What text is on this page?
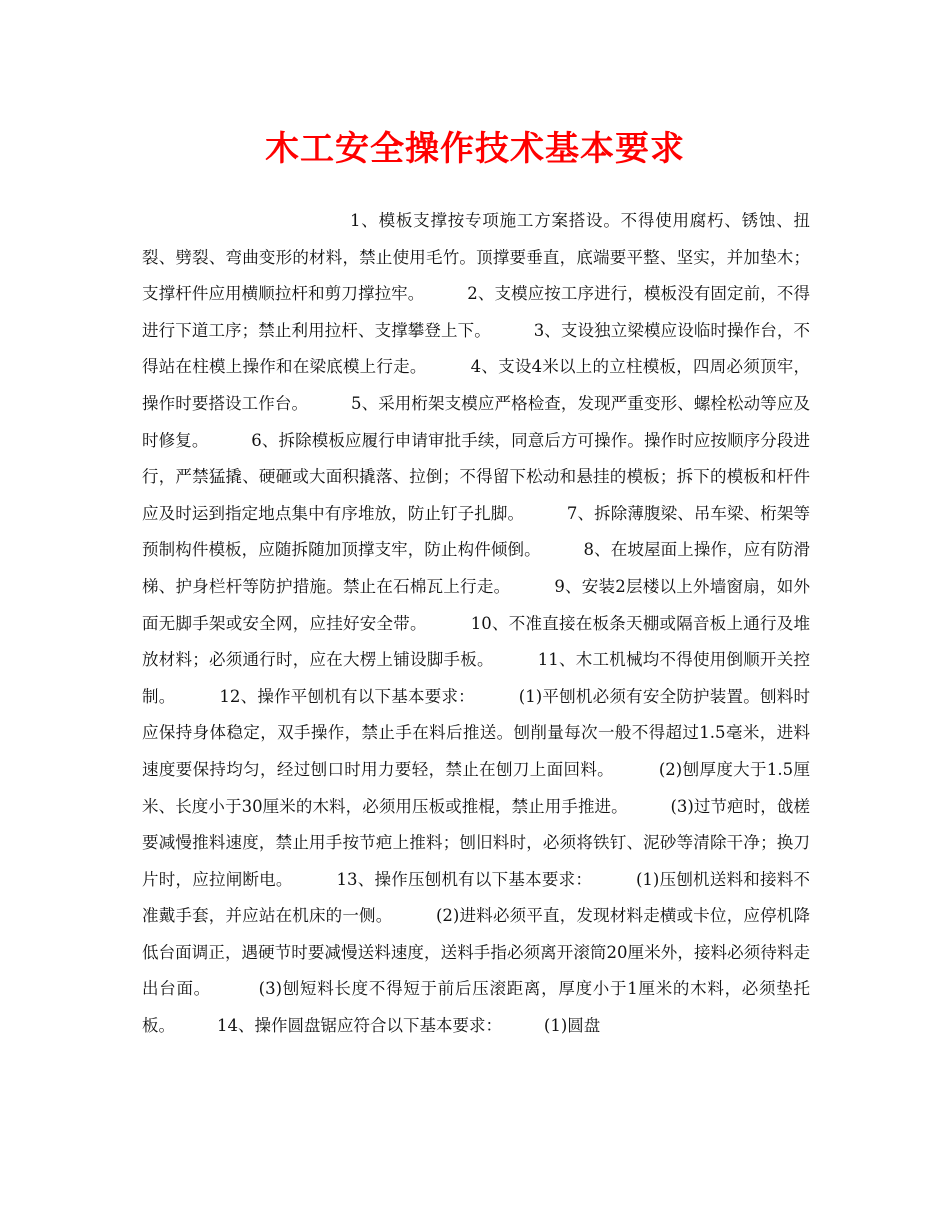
木工安全操作技术基本要求

1、模板支撑按专项施工方案搭设。不得使用腐朽、锈蚀、扭裂、劈裂、弯曲变形的材料，禁止使用毛竹。顶撑要垂直，底端要平整、坚实，并加垫木；支撑杆件应用横顺拉杆和剪刀撑拉牢。        2、支模应按工序进行，模板没有固定前，不得进行下道工序；禁止利用拉杆、支撑攀登上下。        3、支设独立梁模应设临时操作台，不得站在柱模上操作和在梁底模上行走。        4、支设4米以上的立柱模板，四周必须顶牢，操作时要搭设工作台。        5、采用桁架支模应严格检查，发现严重变形、螺栓松动等应及时修复。        6、拆除模板应履行申请审批手续，同意后方可操作。操作时应按顺序分段进行，严禁猛撬、硬砸或大面积撬落、拉倒；不得留下松动和悬挂的模板；拆下的模板和杆件应及时运到指定地点集中有序堆放，防止钉子扎脚。        7、拆除薄腹梁、吊车梁、桁架等预制构件模板，应随拆随加顶撑支牢，防止构件倾倒。        8、在坡屋面上操作，应有防滑梯、护身栏杆等防护措施。禁止在石棉瓦上行走。        9、安装2层楼以上外墙窗扇，如外面无脚手架或安全网，应挂好安全带。        10、不准直接在板条天棚或隔音板上通行及堆放材料；必须通行时，应在大楞上铺设脚手板。        11、木工机械均不得使用倒顺开关控制。        12、操作平刨机有以下基本要求：        (1)平刨机必须有安全防护装置。刨料时应保持身体稳定，双手操作，禁止手在料后推送。刨削量每次一般不得超过1.5毫米，进料速度要保持均匀，经过刨口时用力要轻，禁止在刨刀上面回料。        (2)刨厚度大于1.5厘米、长度小于30厘米的木料，必须用压板或推棍，禁止用手推进。        (3)过节疤时，戗槎要减慢推料速度，禁止用手按节疤上推料；刨旧料时，必须将铁钉、泥砂等清除干净；换刀片时，应拉闸断电。        13、操作压刨机有以下基本要求：        (1)压刨机送料和接料不准戴手套，并应站在机床的一侧。        (2)进料必须平直，发现材料走横或卡位，应停机降低台面调正，遇硬节时要减慢送料速度，送料手指必须离开滚筒20厘米外，接料必须待料走出台面。        (3)刨短料长度不得短于前后压滚距离，厚度小于1厘米的木料，必须垫托板。        14、操作圆盘锯应符合以下基本要求：        (1)圆盘
